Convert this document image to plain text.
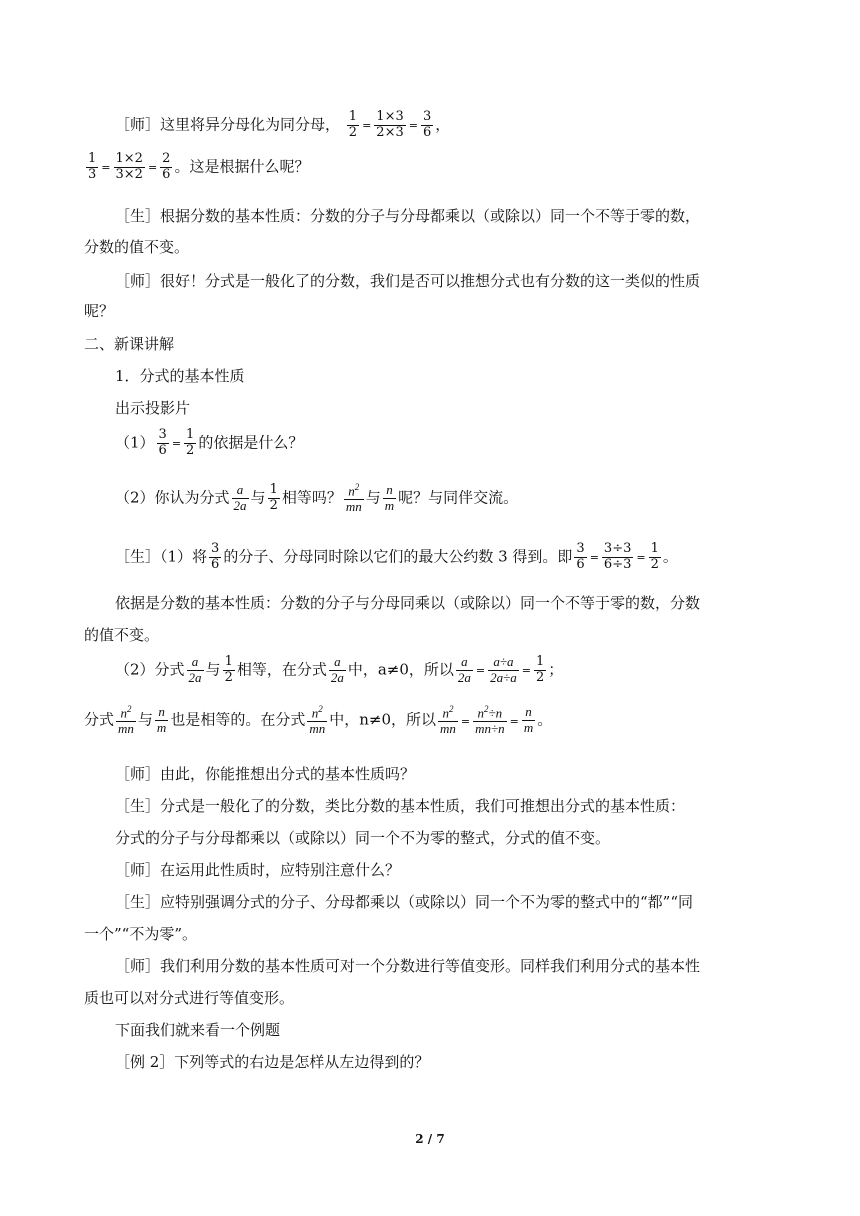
［师］这里将异分母化为同分母， $\frac{1}{2} = \frac{1\times 3}{2\times 3} = \frac{3}{6}$ ，
$\frac{1}{3} = \frac{1\times 2}{3\times 2} = \frac{2}{6}$ 。这是根据什么呢？
［生］根据分数的基本性质：分数的分子与分母都乘以（或除以）同一个不等于零的数，
分数的值不变。
［师］很好！分式是一般化了的分数，我们是否可以推想分式也有分数的这一类似的性质
呢？
二、新课讲解
1．分式的基本性质
出示投影片
$(1) \frac{3}{6} = \frac{1}{2}$ 的依据是什么？
（2）你认为分式 $\frac{a}{2a}$ 与 $\frac{1}{2}$ 相等吗？ $\frac{n^2}{mn}$ 与 $\frac{n}{m}$ 呢？与同伴交流。
［生］（1）将 $\frac{3}{6}$ 的分子、分母同时除以它们的最大公约数 3 得到。即 $\frac{3}{6} = \frac{3\div 3}{6\div 3} = \frac{1}{2}$ 。
依据是分数的基本性质：分数的分子与分母同乘以（或除以）同一个不等于零的数，分数
的值不变。
（2）分式 $\frac{a}{2a}$ 与 $\frac{1}{2}$ 相等，在分式 $\frac{a}{2a}$ 中，a≠0，所以 $\frac{a}{2a} = \frac{a\div a}{2a\div a} = \frac{1}{2}$ ；
分式 $\frac{n^2}{mn}$ 与 $\frac{n}{m}$ 也是相等的。在分式 $\frac{n^2}{mn}$ 中，n≠0，所以 $\frac{n^2}{mn} = \frac{n^2\div n}{mn\div n} = \frac{n}{m}$ 。
［师］由此，你能推想出分式的基本性质吗？
［生］分式是一般化了的分数，类比分数的基本性质，我们可推想出分式的基本性质：
分式的分子与分母都乘以（或除以）同一个不为零的整式，分式的值不变。
［师］在运用此性质时，应特别注意什么？
［生］应特别强调分式的分子、分母都乘以（或除以）同一个不为零的整式中的“都”“同
一个”“不为零”。
［师］我们利用分数的基本性质可对一个分数进行等值变形。同样我们利用分式的基本性
质也可以对分式进行等值变形。
下面我们就来看一个例题
［例 2］下列等式的右边是怎样从左边得到的？
2 / 7
